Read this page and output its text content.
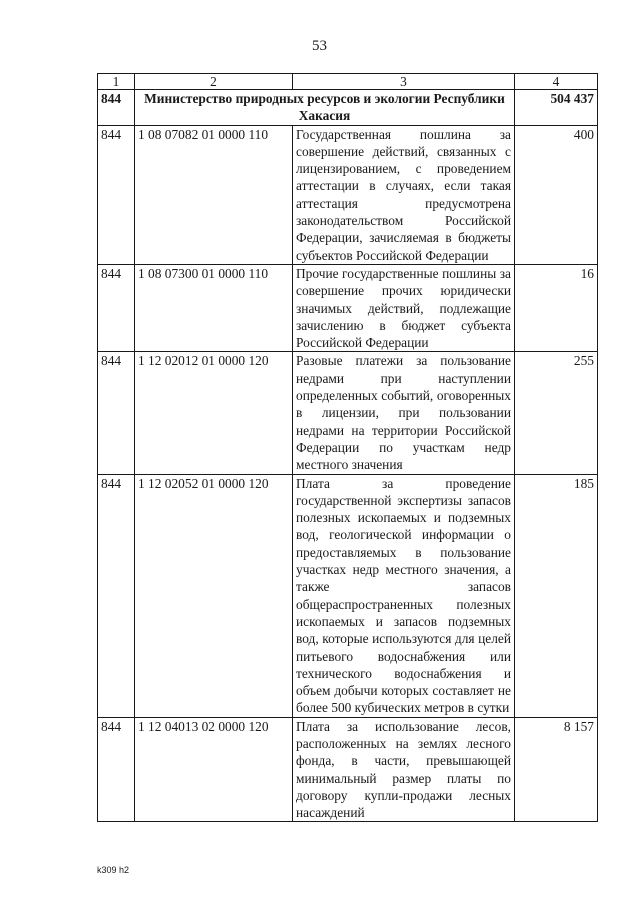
53
1	2	3	4
844	Министерство природных ресурсов и экологии Республики Хакасия		504 437
844	1 08 07082 01 0000 110	Государственная пошлина за совершение действий, связанных с лицензированием, с проведением аттестации в случаях, если такая аттестация предусмотрена законодательством Российской Федерации, зачисляемая в бюджеты субъектов Российской Федерации	400
844	1 08 07300 01 0000 110	Прочие государственные пошлины за совершение прочих юридически значимых действий, подлежащие зачислению в бюджет субъекта Российской Федерации	16
844	1 12 02012 01 0000 120	Разовые платежи за пользование недрами при наступлении определенных событий, оговоренных в лицензии, при пользовании недрами на территории Российской Федерации по участкам недр местного значения	255
844	1 12 02052 01 0000 120	Плата за проведение государственной экспертизы запасов полезных ископаемых и подземных вод, геологической информации о предоставляемых в пользование участках недр местного значения, а также запасов общераспространенных полезных ископаемых и запасов подземных вод, которые используются для целей питьевого водоснабжения или технического водоснабжения и объем добычи которых составляет не более 500 кубических метров в сутки	185
844	1 12 04013 02 0000 120	Плата за использование лесов, расположенных на землях лесного фонда, в части, превышающей минимальный размер платы по договору купли-продажи лесных насаждений	8 157
k309 h2
